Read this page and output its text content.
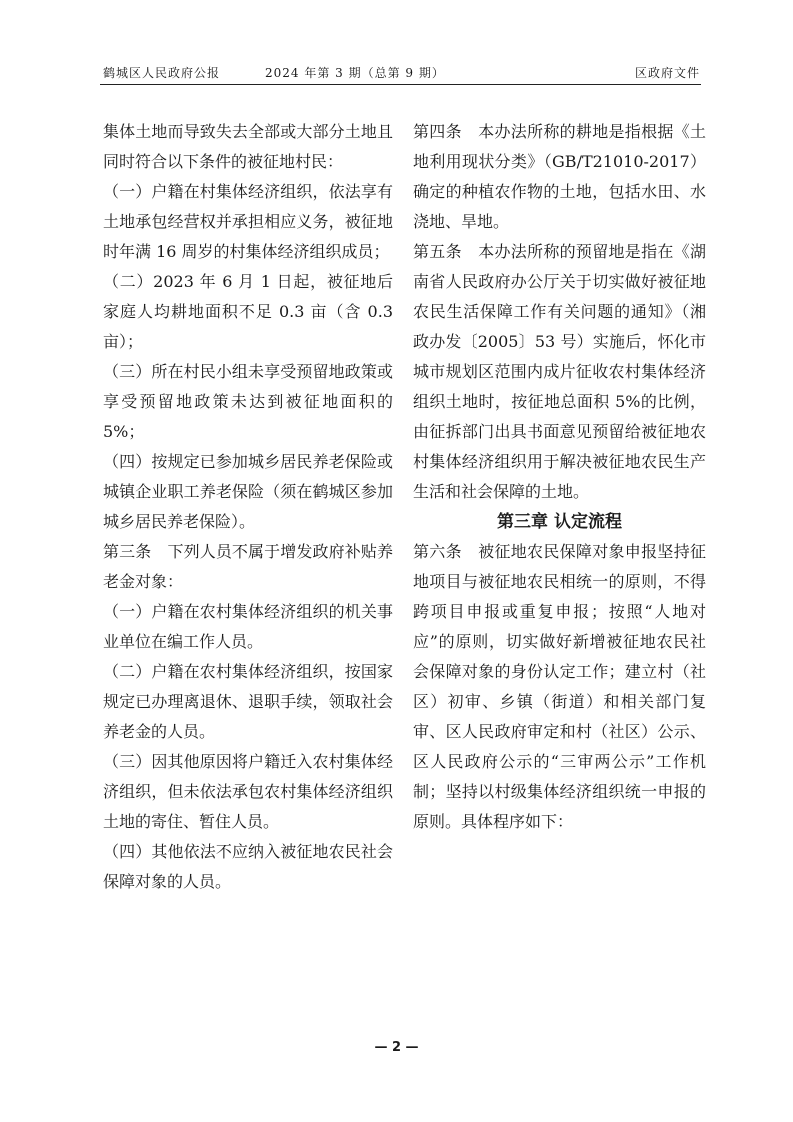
鹤城区人民政府公报	2024 年第 3 期（总第 9 期）	区政府文件

集体土地而导致失去全部或大部分土地且同时符合以下条件的被征地村民：

（一）户籍在村集体经济组织，依法享有土地承包经营权并承担相应义务，被征地时年满 16 周岁的村集体经济组织成员；

（二）2023 年 6 月 1 日起，被征地后家庭人均耕地面积不足 0.3 亩（含 0.3 亩）；

（三）所在村民小组未享受预留地政策或享受预留地政策未达到被征地面积的 5%；

（四）按规定已参加城乡居民养老保险或城镇企业职工养老保险（须在鹤城区参加城乡居民养老保险）。

第三条　下列人员不属于增发政府补贴养老金对象：

（一）户籍在农村集体经济组织的机关事业单位在编工作人员。

（二）户籍在农村集体经济组织，按国家规定已办理离退休、退职手续，领取社会养老金的人员。

（三）因其他原因将户籍迁入农村集体经济组织，但未依法承包农村集体经济组织土地的寄住、暂住人员。

（四）其他依法不应纳入被征地农民社会保障对象的人员。

第四条　本办法所称的耕地是指根据《土地利用现状分类》（GB/T21010-2017）确定的种植农作物的土地，包括水田、水浇地、旱地。

第五条　本办法所称的预留地是指在《湖南省人民政府办公厅关于切实做好被征地农民生活保障工作有关问题的通知》（湘政办发〔2005〕53 号）实施后，怀化市城市规划区范围内成片征收农村集体经济组织土地时，按征地总面积 5%的比例，由征拆部门出具书面意见预留给被征地农村集体经济组织用于解决被征地农民生产生活和社会保障的土地。

第三章 认定流程

第六条　被征地农民保障对象申报坚持征地项目与被征地农民相统一的原则，不得跨项目申报或重复申报；按照“人地对应”的原则，切实做好新增被征地农民社会保障对象的身份认定工作；建立村（社区）初审、乡镇（街道）和相关部门复审、区人民政府审定和村（社区）公示、区人民政府公示的“三审两公示”工作机制；坚持以村级集体经济组织统一申报的原则。具体程序如下：

— 2 —
